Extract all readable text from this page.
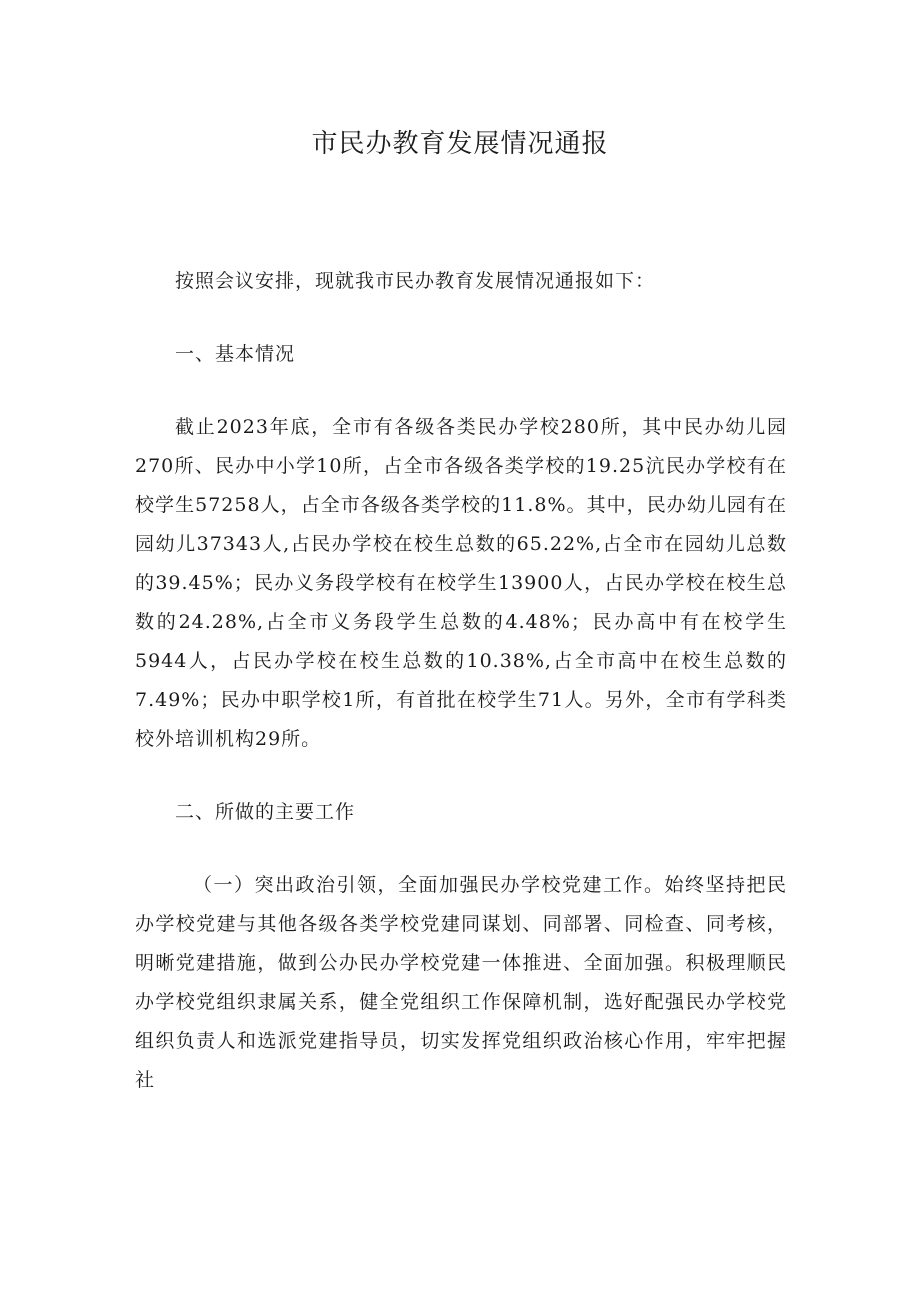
市民办教育发展情况通报

按照会议安排，现就我市民办教育发展情况通报如下：

一、基本情况

截止2023年底，全市有各级各类民办学校280所，其中民办幼儿园270所、民办中小学10所，占全市各级各类学校的19.25沆民办学校有在校学生57258人，占全市各级各类学校的11.8%。其中，民办幼儿园有在园幼儿37343人,占民办学校在校生总数的65.22%,占全市在园幼儿总数的39.45%；民办义务段学校有在校学生13900人，占民办学校在校生总数的24.28%,占全市义务段学生总数的4.48%；民办高中有在校学生5944人，占民办学校在校生总数的10.38%,占全市高中在校生总数的7.49%；民办中职学校1所，有首批在校学生71人。另外，全市有学科类校外培训机构29所。

二、所做的主要工作

（一）突出政治引领，全面加强民办学校党建工作。始终坚持把民办学校党建与其他各级各类学校党建同谋划、同部署、同检查、同考核，明晰党建措施，做到公办民办学校党建一体推进、全面加强。积极理顺民办学校党组织隶属关系，健全党组织工作保障机制，选好配强民办学校党组织负责人和选派党建指导员，切实发挥党组织政治核心作用，牢牢把握社
